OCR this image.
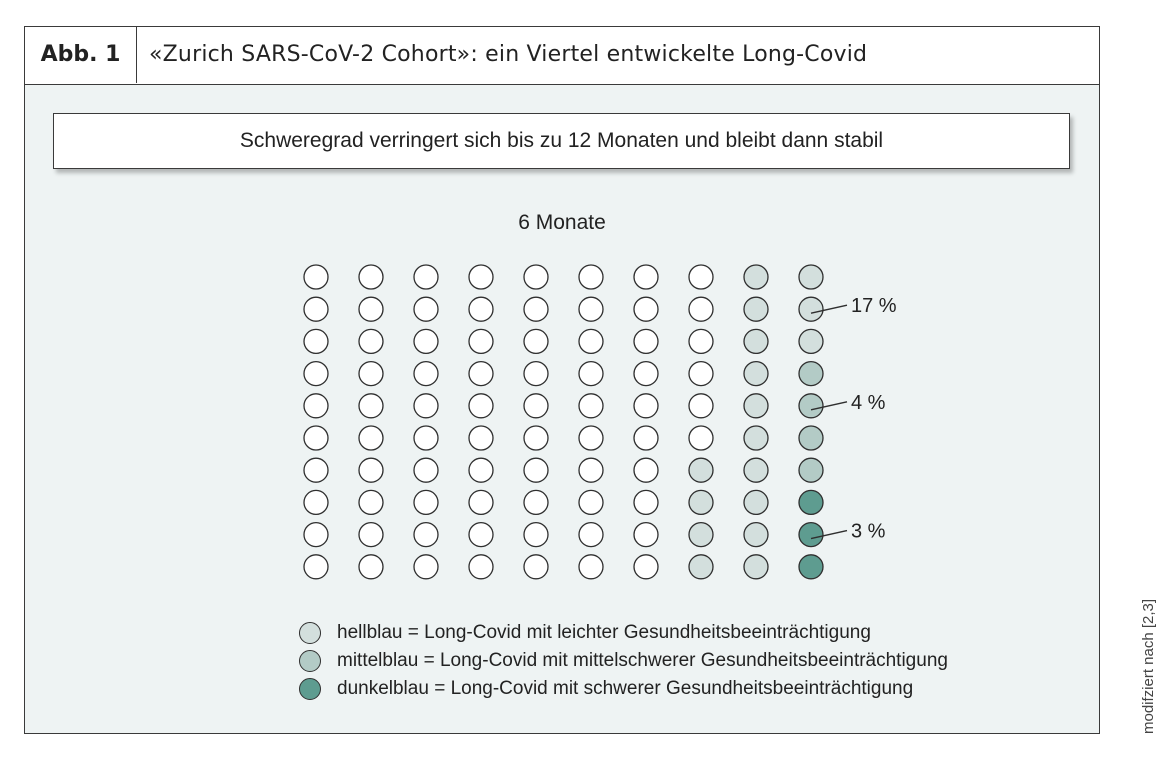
Abb. 1	«Zurich SARS-CoV-2 Cohort»: ein Viertel entwickelte Long-Covid
Schweregrad verringert sich bis zu 12 Monaten und bleibt dann stabil
6 Monate
17 %
4 %
3 %
hellblau = Long-Covid mit leichter Gesundheitsbeeinträchtigung
mittelblau = Long-Covid mit mittelschwerer Gesundheitsbeeinträchtigung
dunkelblau = Long-Covid mit schwerer Gesundheitsbeeinträchtigung	modifziert nach [2,3]
